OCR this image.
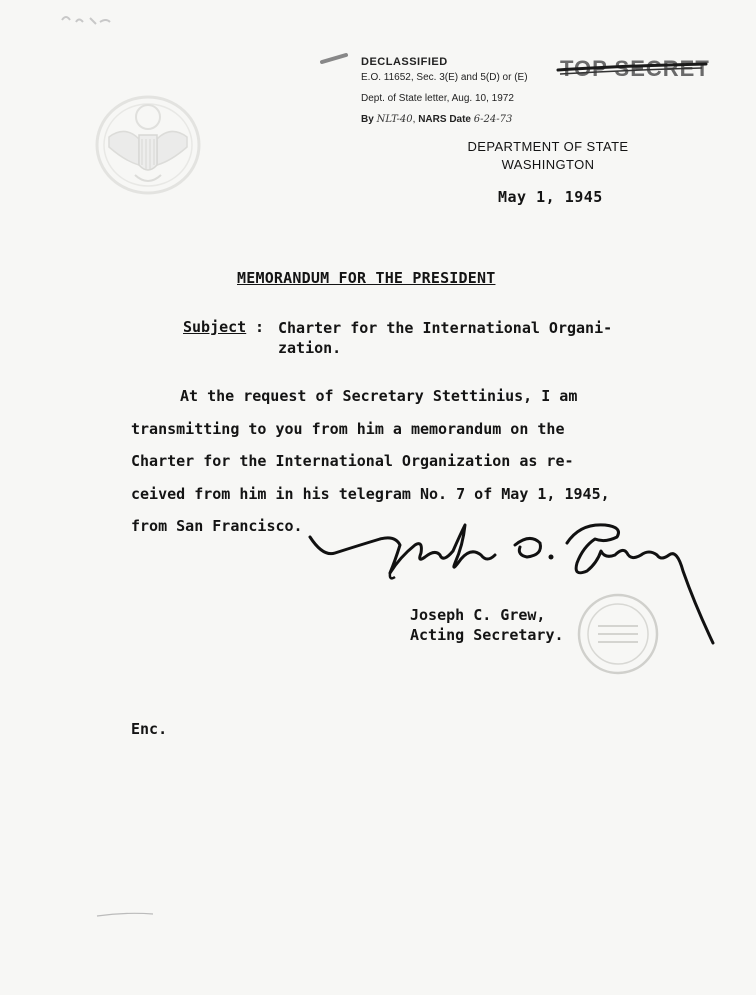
DECLASSIFIED
E.O. 11652, Sec. 3(E) and 5(D) or (E)
Dept. of State letter, Aug. 10, 1972
By NLT-40, NARS Date 6-24-73
TOP SECRET
DEPARTMENT OF STATE
WASHINGTON
May 1, 1945
MEMORANDUM FOR THE PRESIDENT
Subject : Charter for the International Organi-
zation.
At the request of Secretary Stettinius, I am
transmitting to you from him a memorandum on the
Charter for the International Organization as re-
ceived from him in his telegram No. 7 of May 1, 1945,
from San Francisco.
Joseph C. Grew,
Acting Secretary.
Enc.
